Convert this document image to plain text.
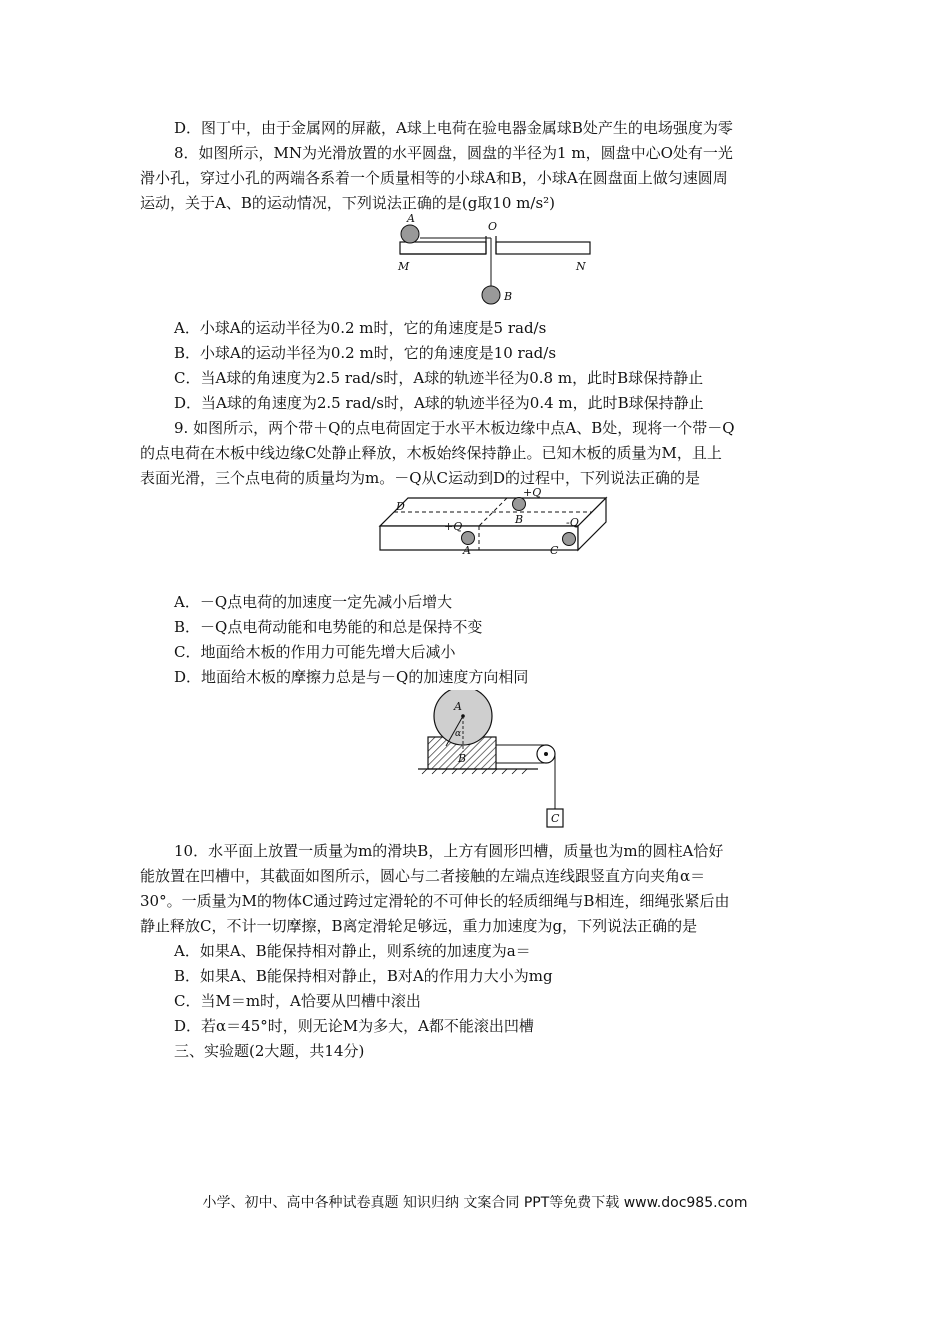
D．图丁中，由于金属网的屏蔽，A球上电荷在验电器金属球B处产生的电场强度为零
8．如图所示，MN为光滑放置的水平圆盘，圆盘的半径为1 m，圆盘中心O处有一光
滑小孔，穿过小孔的两端各系着一个质量相等的小球A和B，小球A在圆盘面上做匀速圆周
运动，关于A、B的运动情况，下列说法正确的是(g取10 m/s²)
A
O
M	N
B
A．小球A的运动半径为0.2 m时，它的角速度是5 rad/s
B．小球A的运动半径为0.2 m时，它的角速度是10 rad/s
C．当A球的角速度为2.5 rad/s时，A球的轨迹半径为0.8 m，此时B球保持静止
D．当A球的角速度为2.5 rad/s时，A球的轨迹半径为0.4 m，此时B球保持静止
9. 如图所示，两个带＋Q的点电荷固定于水平木板边缘中点A、B处，现将一个带－Q
的点电荷在木板中线边缘C处静止释放，木板始终保持静止。已知木板的质量为M，且上
表面光滑，三个点电荷的质量均为m。－Q从C运动到D的过程中，下列说法正确的是
D
+Q
B
+Q
A
-Q
C
A．－Q点电荷的加速度一定先减小后增大
B．－Q点电荷动能和电势能的和总是保持不变
C．地面给木板的作用力可能先增大后减小
D．地面给木板的摩擦力总是与－Q的加速度方向相同
A
α
B
C
10．水平面上放置一质量为m的滑块B，上方有圆形凹槽，质量也为m的圆柱A恰好
能放置在凹槽中，其截面如图所示，圆心与二者接触的左端点连线跟竖直方向夹角α＝
30°。一质量为M的物体C通过跨过定滑轮的不可伸长的轻质细绳与B相连，细绳张紧后由
静止释放C，不计一切摩擦，B离定滑轮足够远，重力加速度为g，下列说法正确的是
A．如果A、B能保持相对静止，则系统的加速度为a＝
B．如果A、B能保持相对静止，B对A的作用力大小为mg
C．当M＝m时，A恰要从凹槽中滚出
D．若α＝45°时，则无论M为多大，A都不能滚出凹槽
三、实验题(2大题，共14分)
小学、初中、高中各种试卷真题 知识归纳 文案合同 PPT等免费下载 www.doc985.com
